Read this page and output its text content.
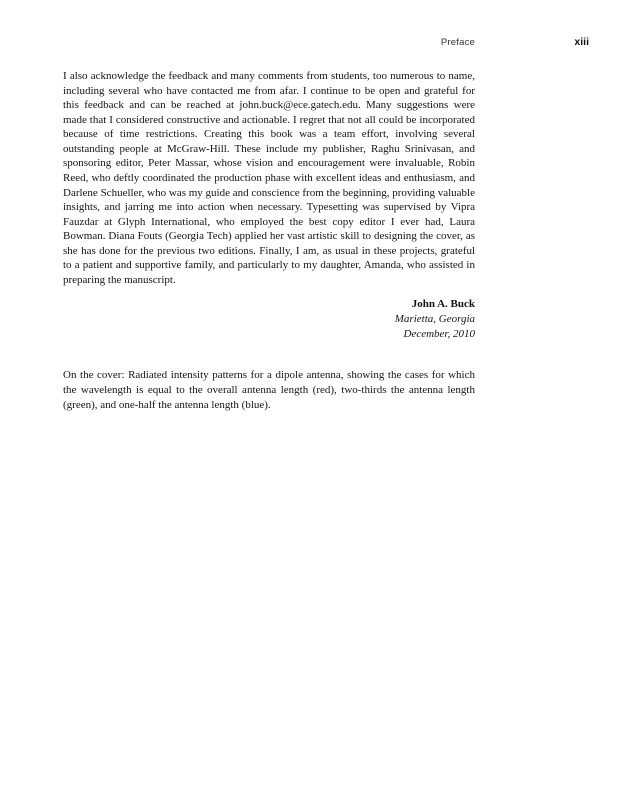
Preface	xiii

I also acknowledge the feedback and many comments from students, too numerous to name, including several who have contacted me from afar. I continue to be open and grateful for this feedback and can be reached at john.buck@ece.gatech.edu. Many suggestions were made that I considered constructive and actionable. I regret that not all could be incorporated because of time restrictions. Creating this book was a team effort, involving several outstanding people at McGraw-Hill. These include my publisher, Raghu Srinivasan, and sponsoring editor, Peter Massar, whose vision and encouragement were invaluable, Robin Reed, who deftly coordinated the production phase with excellent ideas and enthusiasm, and Darlene Schueller, who was my guide and conscience from the beginning, providing valuable insights, and jarring me into action when necessary. Typesetting was supervised by Vipra Fauzdar at Glyph International, who employed the best copy editor I ever had, Laura Bowman. Diana Fouts (Georgia Tech) applied her vast artistic skill to designing the cover, as she has done for the previous two editions. Finally, I am, as usual in these projects, grateful to a patient and supportive family, and particularly to my daughter, Amanda, who assisted in preparing the manuscript.

John A. Buck
Marietta, Georgia
December, 2010

On the cover: Radiated intensity patterns for a dipole antenna, showing the cases for which the wavelength is equal to the overall antenna length (red), two-thirds the antenna length (green), and one-half the antenna length (blue).
